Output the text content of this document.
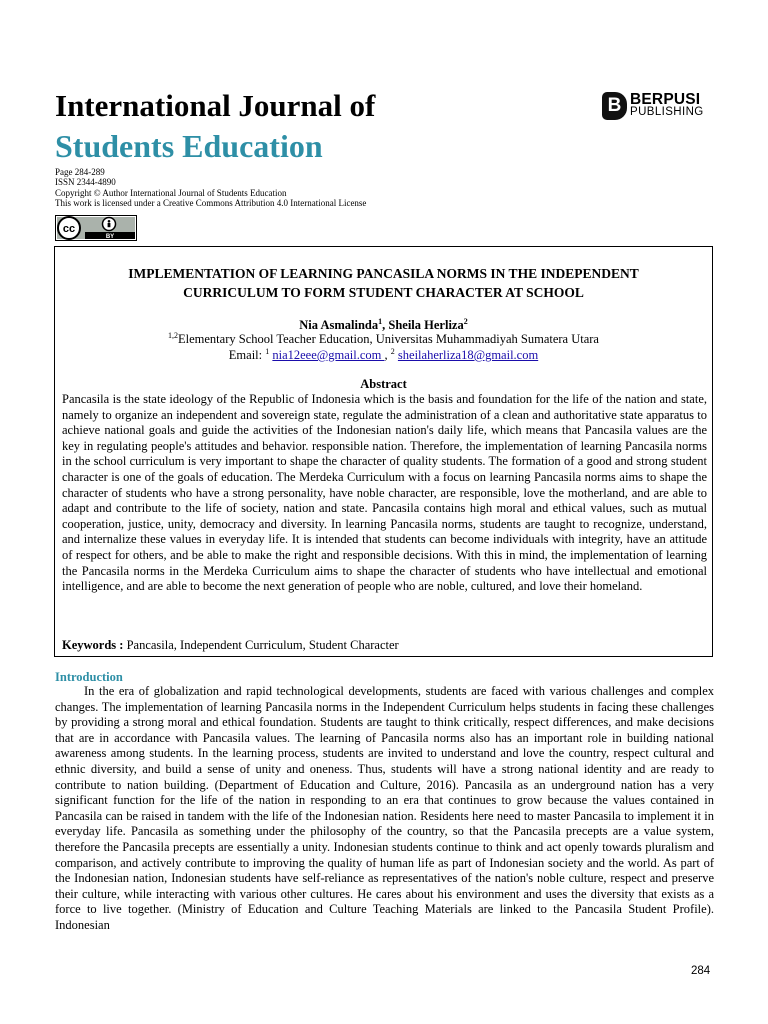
International Journal of
Students Education
B BERPUSI
PUBLISHING
Page 284-289
ISSN 2344-4890
Copyright © Author International Journal of Students Education
This work is licensed under a Creative Commons Attribution 4.0 International License
cc
BY
IMPLEMENTATION OF LEARNING PANCASILA NORMS IN THE INDEPENDENT
CURRICULUM TO FORM STUDENT CHARACTER AT SCHOOL
Nia Asmalinda$^1$, Sheila Herliza$^2$
$^{1,2}$Elementary School Teacher Education, Universitas Muhammadiyah Sumatera Utara
Email: $^1$ nia12eee@gmail.com , $^2$ sheilaherliza18@gmail.com
Abstract
Pancasila is the state ideology of the Republic of Indonesia which is the basis and foundation for the life of the nation and state, namely to organize an independent and sovereign state, regulate the administration of a clean and authoritative state apparatus to achieve national goals and guide the activities of the Indonesian nation's daily life, which means that Pancasila values are the key in regulating people's attitudes and behavior. responsible nation. Therefore, the implementation of learning Pancasila norms in the school curriculum is very important to shape the character of quality students. The formation of a good and strong student character is one of the goals of education. The Merdeka Curriculum with a focus on learning Pancasila norms aims to shape the character of students who have a strong personality, have noble character, are responsible, love the motherland, and are able to adapt and contribute to the life of society, nation and state. Pancasila contains high moral and ethical values, such as mutual cooperation, justice, unity, democracy and diversity. In learning Pancasila norms, students are taught to recognize, understand, and internalize these values in everyday life. It is intended that students can become individuals with integrity, have an attitude of respect for others, and be able to make the right and responsible decisions. With this in mind, the implementation of learning the Pancasila norms in the Merdeka Curriculum aims to shape the character of students who have intellectual and emotional intelligence, and are able to become the next generation of people who are noble, cultured, and love their homeland.
Keywords : Pancasila, Independent Curriculum, Student Character
Introduction
In the era of globalization and rapid technological developments, students are faced with various challenges and complex changes. The implementation of learning Pancasila norms in the Independent Curriculum helps students in facing these challenges by providing a strong moral and ethical foundation. Students are taught to think critically, respect differences, and make decisions that are in accordance with Pancasila values. The learning of Pancasila norms also has an important role in building national awareness among students. In the learning process, students are invited to understand and love the country, respect cultural and ethnic diversity, and build a sense of unity and oneness. Thus, students will have a strong national identity and are ready to contribute to nation building. (Department of Education and Culture, 2016). Pancasila as an underground nation has a very significant function for the life of the nation in responding to an era that continues to grow because the values contained in Pancasila can be raised in tandem with the life of the Indonesian nation. Residents here need to master Pancasila to implement it in everyday life. Pancasila as something under the philosophy of the country, so that the Pancasila precepts are a value system, therefore the Pancasila precepts are essentially a unity. Indonesian students continue to think and act openly towards pluralism and comparison, and actively contribute to improving the quality of human life as part of Indonesian society and the world. As part of the Indonesian nation, Indonesian students have self-reliance as representatives of the nation's noble culture, respect and preserve their culture, while interacting with various other cultures. He cares about his environment and uses the diversity that exists as a force to live together. (Ministry of Education and Culture Teaching Materials are linked to the Pancasila Student Profile). Indonesian
284
